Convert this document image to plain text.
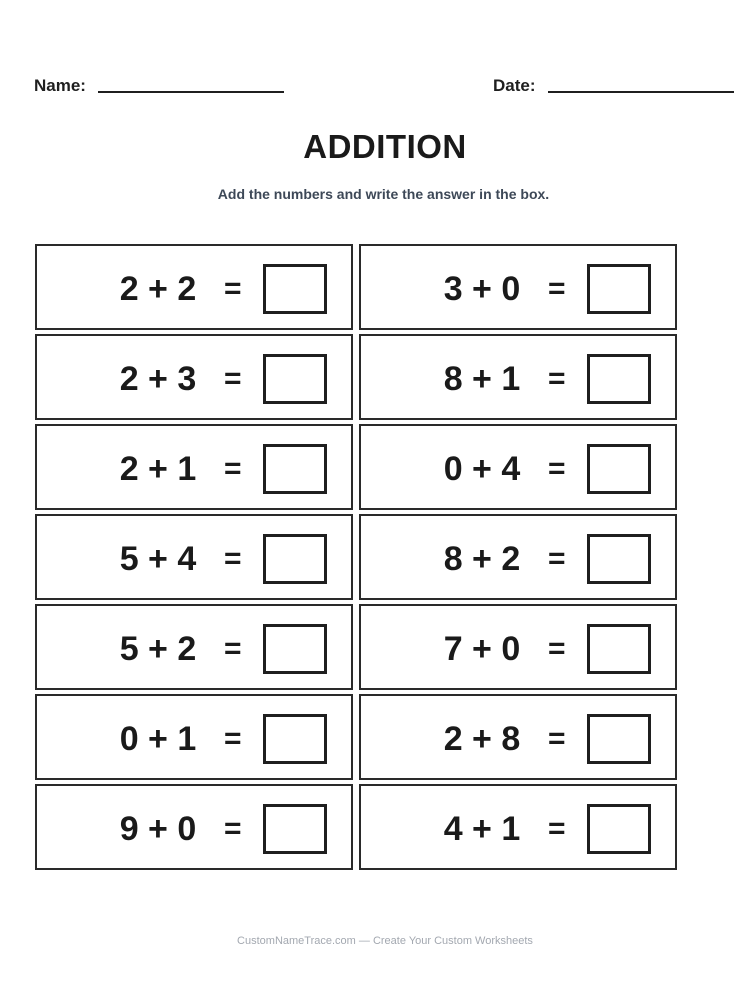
Name:	Date:
ADDITION
Add the numbers and write the answer in the box.
2 + 2 =
2 + 3 =
2 + 1 =
5 + 4 =
5 + 2 =
0 + 1 =
9 + 0 =
3 + 0 =
8 + 1 =
0 + 4 =
8 + 2 =
7 + 0 =
2 + 8 =
4 + 1 =
CustomNameTrace.com — Create Your Custom Worksheets
